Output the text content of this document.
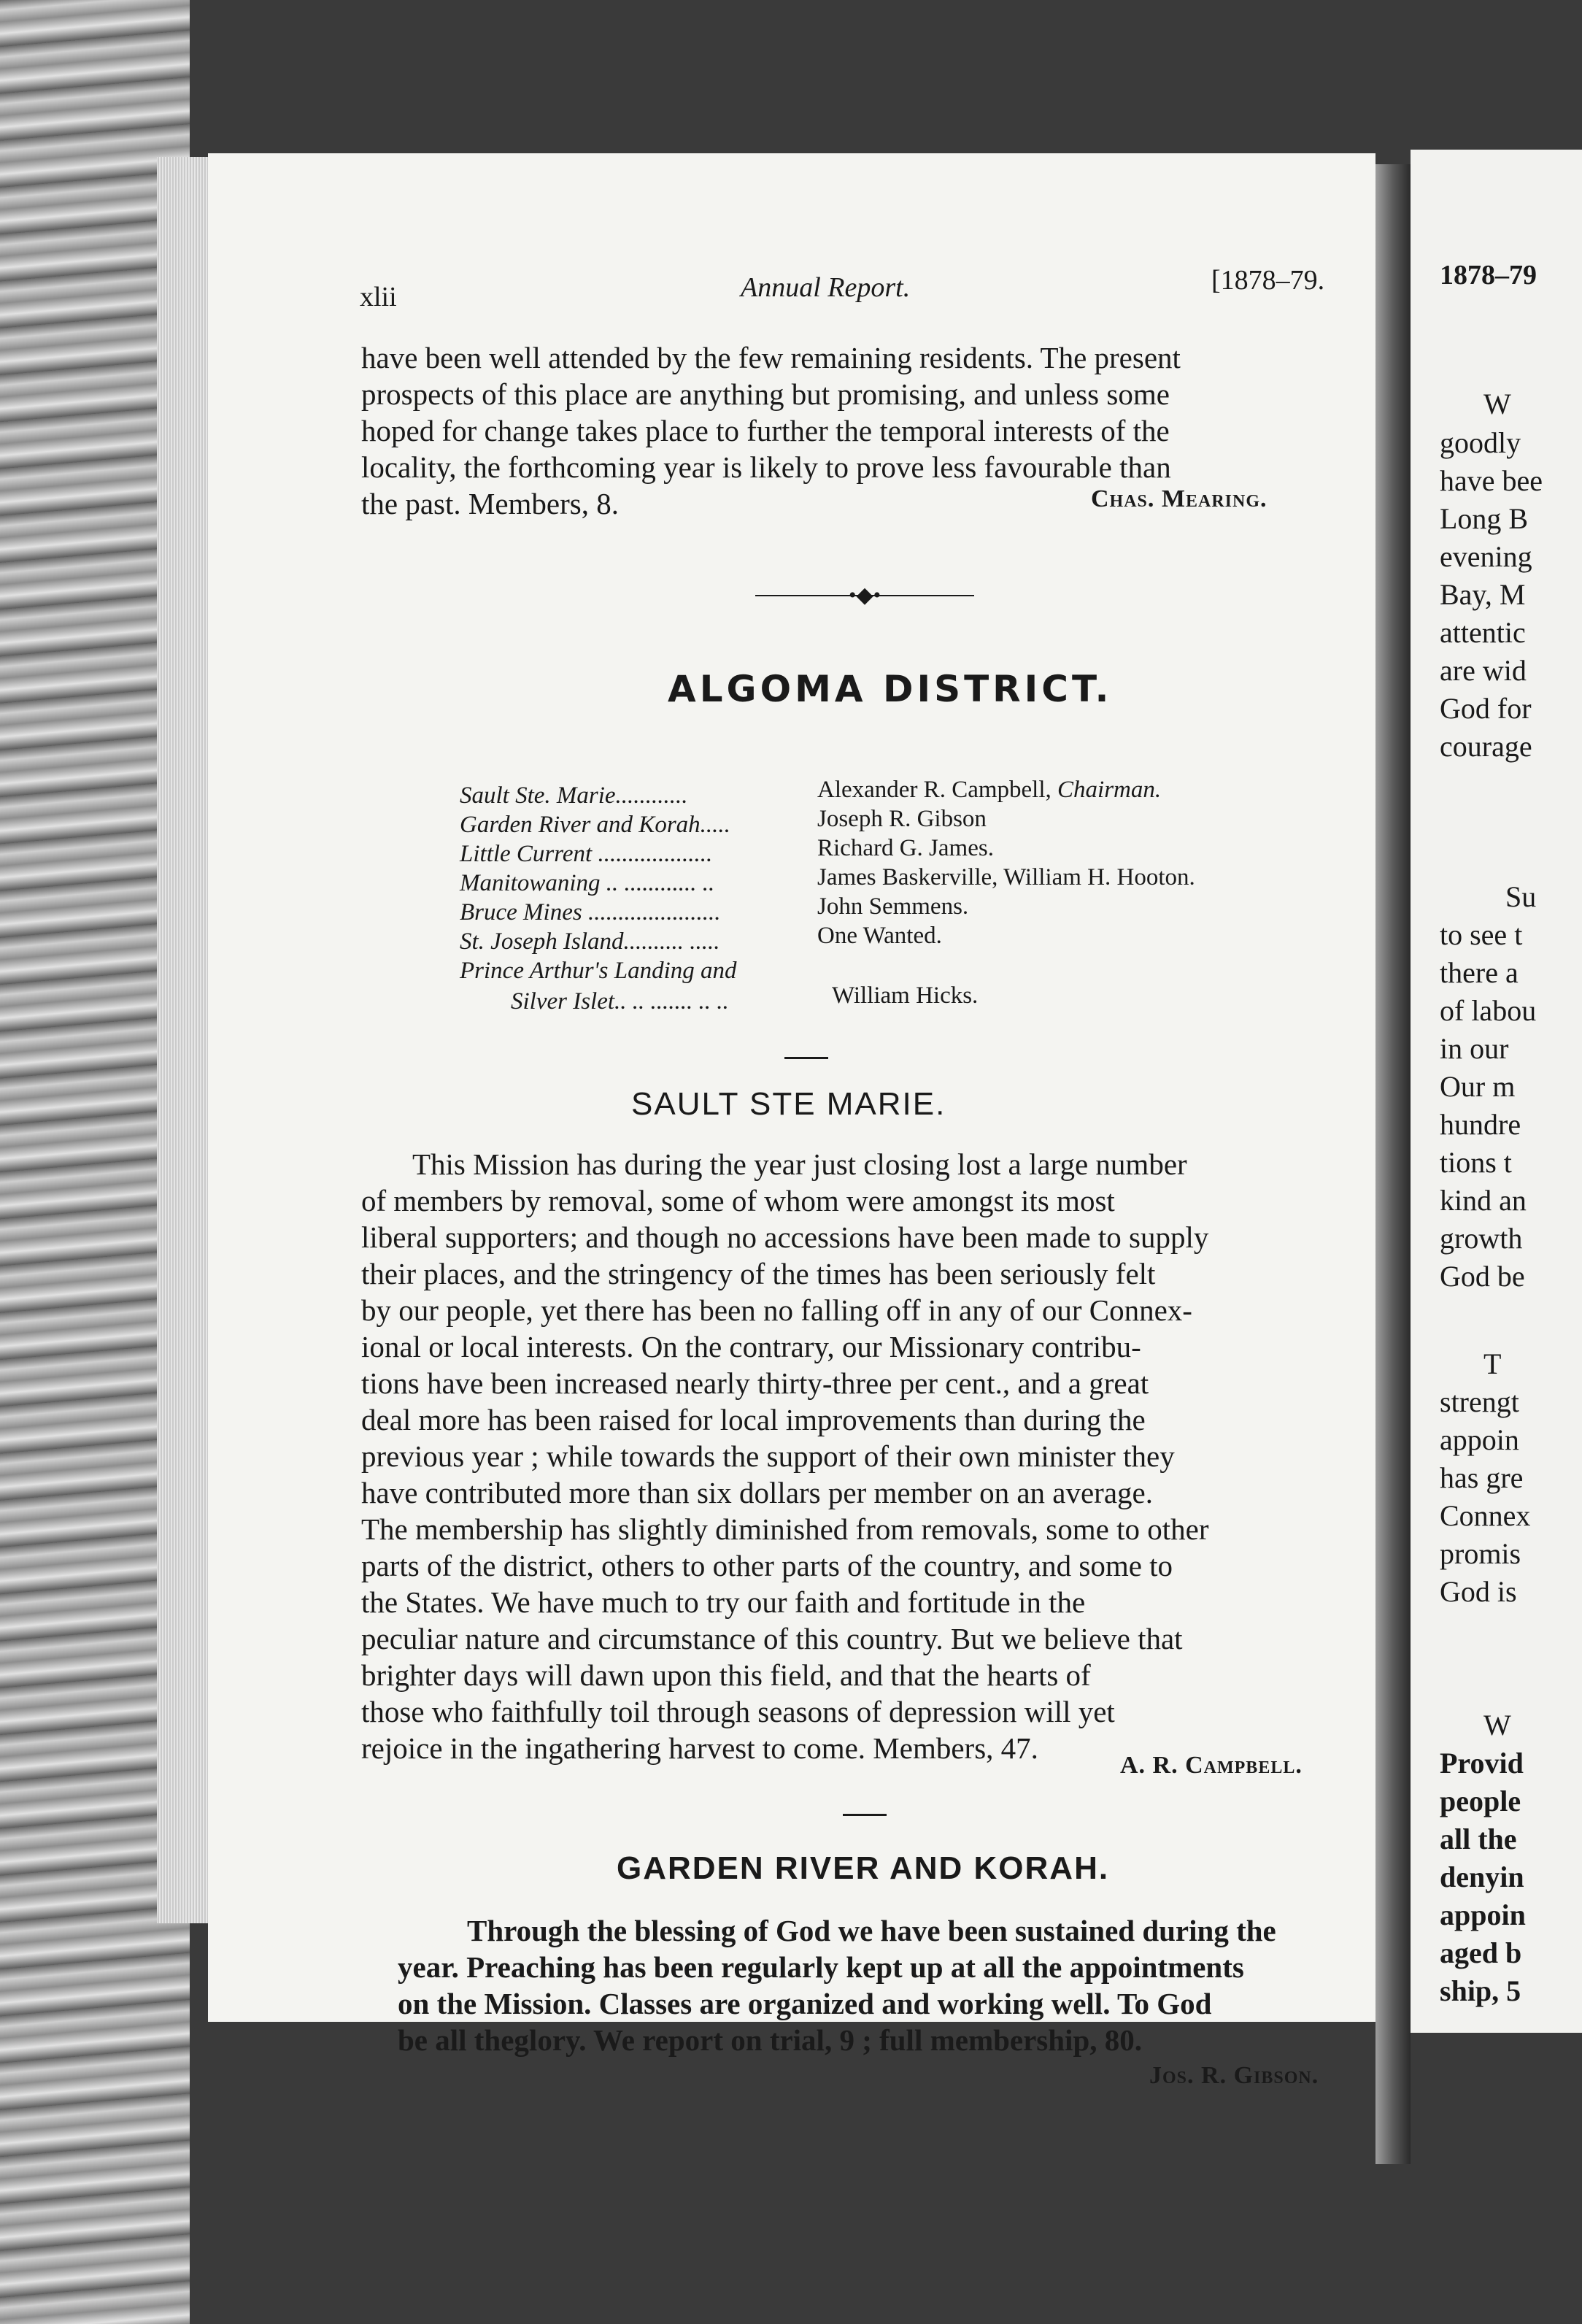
xlii	Annual Report.	[1878–79.

have been well attended by the few remaining residents. The present

prospects of this place are anything but promising, and unless some

hoped for change takes place to further the temporal interests of the

locality, the forthcoming year is likely to prove less favourable than

the past. Members, 8.	Chas. Mearing.
•◆•
ALGOMA DISTRICT.
Sault Ste. Marie............	Alexander R. Campbell, Chairman.
Garden River and Korah.....	Joseph R. Gibson
Little Current ...................	Richard G. James.
Manitowaning .. ............ ..	James Baskerville, William H. Hooton.
Bruce Mines ......................	John Semmens.
St. Joseph Island.......... .....	One Wanted.
Prince Arthur's Landing and
Silver Islet.. .. ....... .. ..	William Hicks.
SAULT STE MARIE.

This Mission has during the year just closing lost a large number

of members by removal, some of whom were amongst its most

liberal supporters; and though no accessions have been made to supply

their places, and the stringency of the times has been seriously felt

by our people, yet there has been no falling off in any of our Connex-

ional or local interests. On the contrary, our Missionary contribu-

tions have been increased nearly thirty-three per cent., and a great

deal more has been raised for local improvements than during the

previous year ; while towards the support of their own minister they

have contributed more than six dollars per member on an average.

The membership has slightly diminished from removals, some to other

parts of the district, others to other parts of the country, and some to

the States. We have much to try our faith and fortitude in the

peculiar nature and circumstance of this country. But we believe that

brighter days will dawn upon this field, and that the hearts of

those who faithfully toil through seasons of depression will yet

rejoice in the ingathering harvest to come. Members, 47.

A. R. Campbell.
GARDEN RIVER AND KORAH.

Through the blessing of God we have been sustained during the

year. Preaching has been regularly kept up at all the appointments

on the Mission. Classes are organized and working well. To God

be all theglory. We report on trial, 9 ; full membership, 80.

Jos. R. Gibson.
1878–79
W
goodly
have bee
Long B
evening
Bay, M
attentic
are wid
God for
courage
Su
to see t
there a
of labou
in our
Our m
hundre
tions t
kind an
growth
God be
T
strengt
appoin
has gre
Connex
promis
God is
W
Provid
people
all the
denyin
appoin
aged b
ship, 5
